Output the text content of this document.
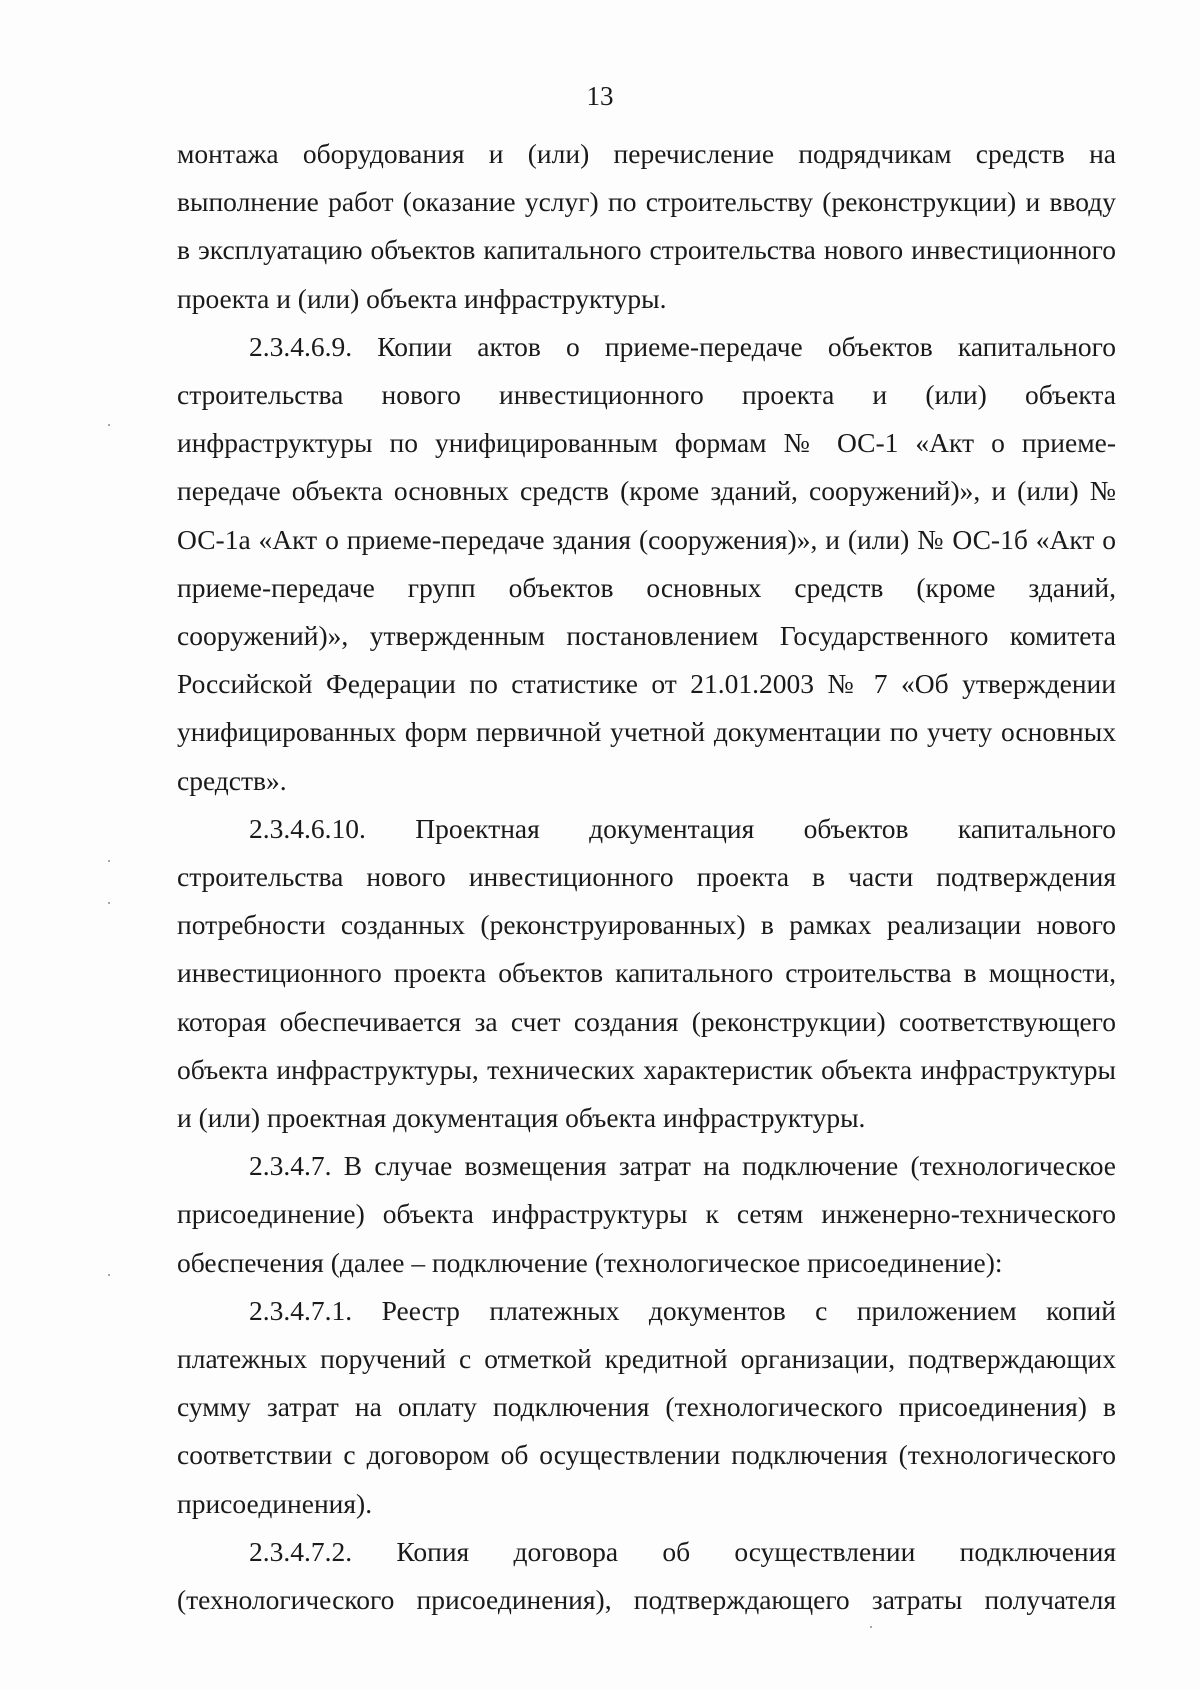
13

монтажа оборудования и (или) перечисление подрядчикам средств на выполнение работ (оказание услуг) по строительству (реконструкции) и вводу в эксплуатацию объектов капитального строительства нового инвестиционного проекта и (или) объекта инфраструктуры.

2.3.4.6.9. Копии актов о приеме-передаче объектов капитального строительства нового инвестиционного проекта и (или) объекта инфраструктуры по унифицированным формам № ОС-1 «Акт о приеме-передаче объекта основных средств (кроме зданий, сооружений)», и (или) № ОС-1а «Акт о приеме-передаче здания (сооружения)», и (или) № ОС-1б «Акт о приеме-передаче групп объектов основных средств (кроме зданий, сооружений)», утвержденным постановлением Государственного комитета Российской Федерации по статистике от 21.01.2003 № 7 «Об утверждении унифицированных форм первичной учетной документации по учету основных средств».

2.3.4.6.10. Проектная документация объектов капитального строительства нового инвестиционного проекта в части подтверждения потребности созданных (реконструированных) в рамках реализации нового инвестиционного проекта объектов капитального строительства в мощности, которая обеспечивается за счет создания (реконструкции) соответствующего объекта инфраструктуры, технических характеристик объекта инфраструктуры и (или) проектная документация объекта инфраструктуры.

2.3.4.7. В случае возмещения затрат на подключение (технологическое присоединение) объекта инфраструктуры к сетям инженерно-технического обеспечения (далее – подключение (технологическое присоединение):

2.3.4.7.1. Реестр платежных документов с приложением копий платежных поручений с отметкой кредитной организации, подтверждающих сумму затрат на оплату подключения (технологического присоединения) в соответствии с договором об осуществлении подключения (технологического присоединения).

2.3.4.7.2. Копия договора об осуществлении подключения (технологического присоединения), подтверждающего затраты получателя
